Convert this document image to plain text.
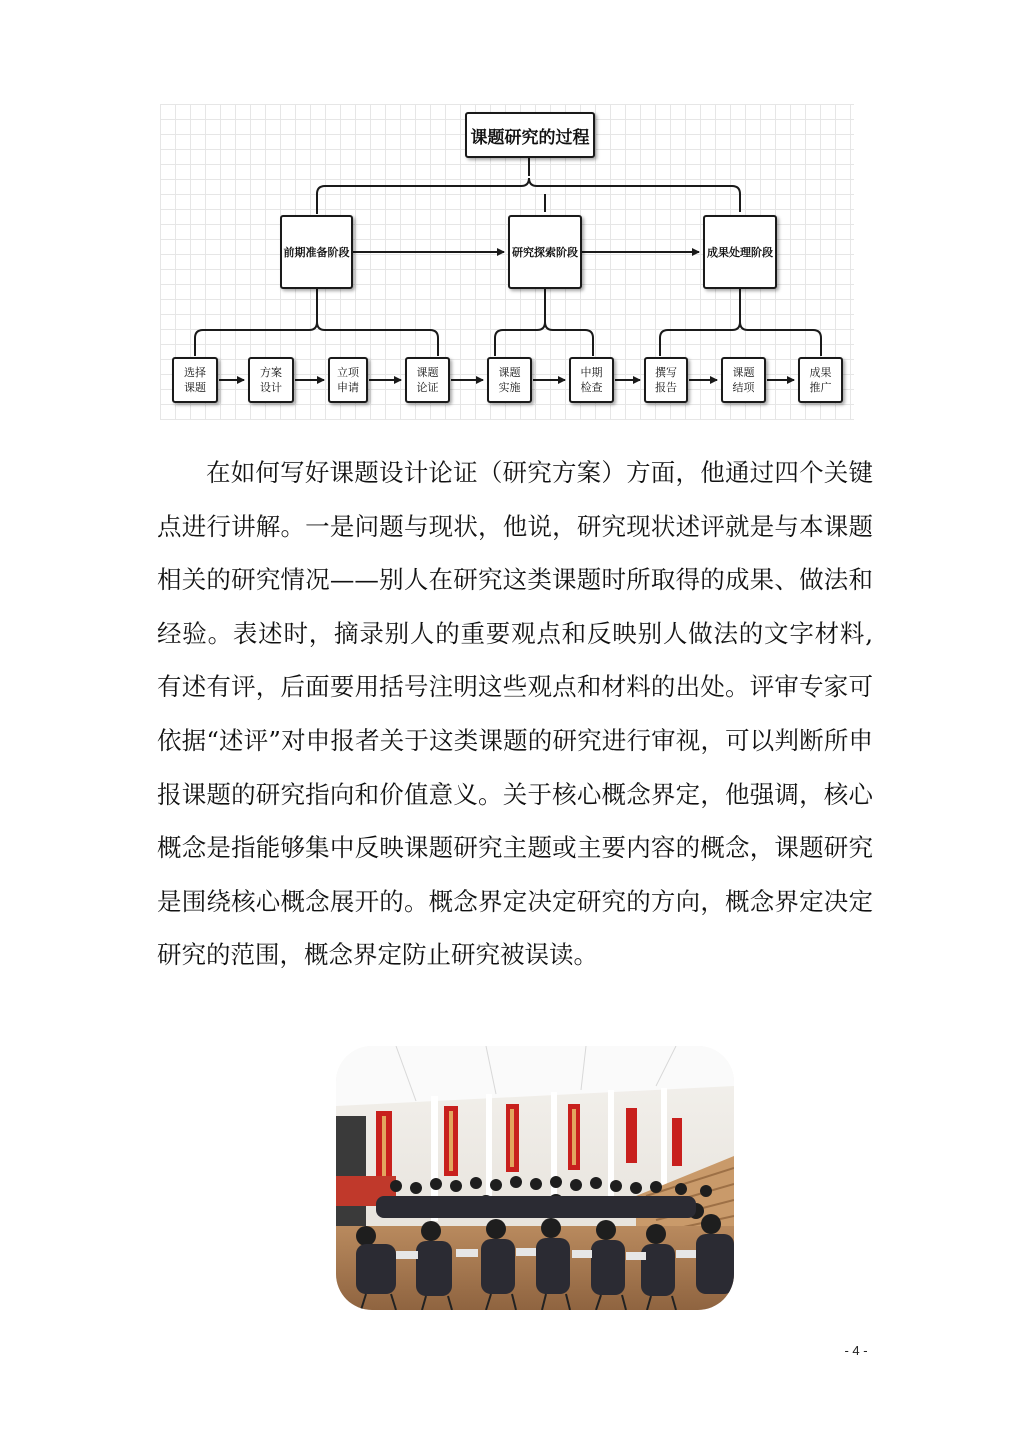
课题研究的过程
前期准备阶段	研究探索阶段	成果处理阶段
选择
课题
方案
设计
立项
申请
课题
论证
课题
实施
中期
检查
撰写
报告
课题
结项
成果
推广

在如何写好课题设计论证（研究方案）方面，他通过四个关键点进行讲解。一是问题与现状，他说，研究现状述评就是与本课题相关的研究情况——别人在研究这类课题时所取得的成果、做法和经验。表述时，摘录别人的重要观点和反映别人做法的文字材料,有述有评，后面要用括号注明这些观点和材料的出处。评审专家可依据“述评”对申报者关于这类课题的研究进行审视，可以判断所申报课题的研究指向和价值意义。关于核心概念界定，他强调，核心概念是指能够集中反映课题研究主题或主要内容的概念，课题研究是围绕核心概念展开的。概念界定决定研究的方向，概念界定决定研究的范围，概念界定防止研究被误读。

- 4 -
